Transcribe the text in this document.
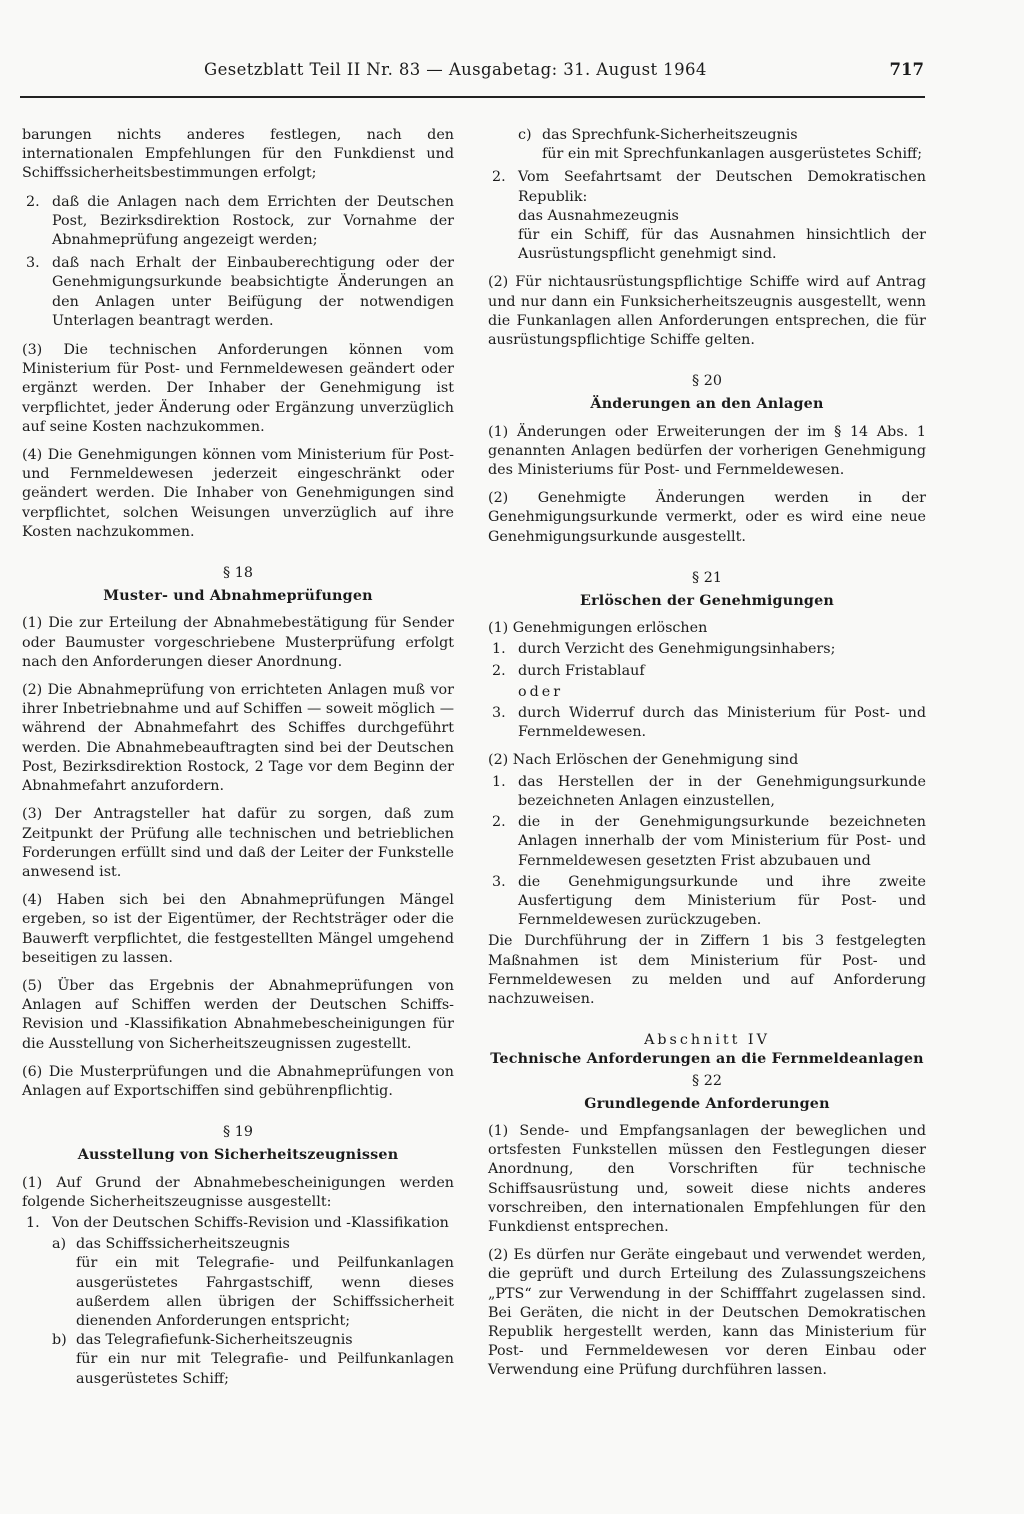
Gesetzblatt Teil II Nr. 83 — Ausgabetag: 31. August 1964	717

barungen nichts anderes festlegen, nach den internationalen Empfehlungen für den Funkdienst und Schiffssicherheitsbestimmungen erfolgt;

2. daß die Anlagen nach dem Errichten der Deutschen Post, Bezirksdirektion Rostock, zur Vornahme der Abnahmeprüfung angezeigt werden;
3. daß nach Erhalt der Einbauberechtigung oder der Genehmigungsurkunde beabsichtigte Änderungen an den Anlagen unter Beifügung der notwendigen Unterlagen beantragt werden.

(3) Die technischen Anforderungen können vom Ministerium für Post- und Fernmeldewesen geändert oder ergänzt werden. Der Inhaber der Genehmigung ist verpflichtet, jeder Änderung oder Ergänzung unverzüglich auf seine Kosten nachzukommen.

(4) Die Genehmigungen können vom Ministerium für Post- und Fernmeldewesen jederzeit eingeschränkt oder geändert werden. Die Inhaber von Genehmigungen sind verpflichtet, solchen Weisungen unverzüglich auf ihre Kosten nachzukommen.

§ 18
Muster- und Abnahmeprüfungen

(1) Die zur Erteilung der Abnahmebestätigung für Sender oder Baumuster vorgeschriebene Musterprüfung erfolgt nach den Anforderungen dieser Anordnung.

(2) Die Abnahmeprüfung von errichteten Anlagen muß vor ihrer Inbetriebnahme und auf Schiffen — soweit möglich — während der Abnahmefahrt des Schiffes durchgeführt werden. Die Abnahmebeauftragten sind bei der Deutschen Post, Bezirksdirektion Rostock, 2 Tage vor dem Beginn der Abnahmefahrt anzufordern.

(3) Der Antragsteller hat dafür zu sorgen, daß zum Zeitpunkt der Prüfung alle technischen und betrieblichen Forderungen erfüllt sind und daß der Leiter der Funkstelle anwesend ist.

(4) Haben sich bei den Abnahmeprüfungen Mängel ergeben, so ist der Eigentümer, der Rechtsträger oder die Bauwerft verpflichtet, die festgestellten Mängel umgehend beseitigen zu lassen.

(5) Über das Ergebnis der Abnahmeprüfungen von Anlagen auf Schiffen werden der Deutschen Schiffs-Revision und -Klassifikation Abnahmebescheinigungen für die Ausstellung von Sicherheitszeugnissen zugestellt.

(6) Die Musterprüfungen und die Abnahmeprüfungen von Anlagen auf Exportschiffen sind gebührenpflichtig.

§ 19
Ausstellung von Sicherheitszeugnissen

(1) Auf Grund der Abnahmebescheinigungen werden folgende Sicherheitszeugnisse ausgestellt:

1. Von der Deutschen Schiffs-Revision und -Klassifikation
a) das Schiffssicherheitszeugnis
für ein mit Telegrafie- und Peilfunkanlagen ausgerüstetes Fahrgastschiff, wenn dieses außerdem allen übrigen der Schiffssicherheit dienenden Anforderungen entspricht;
b) das Telegrafiefunk-Sicherheitszeugnis
für ein nur mit Telegrafie- und Peilfunkanlagen ausgerüstetes Schiff;
c) das Sprechfunk-Sicherheitszeugnis
für ein mit Sprechfunkanlagen ausgerüstetes Schiff;
2. Vom Seefahrtsamt der Deutschen Demokratischen Republik:
das Ausnahmezeugnis
für ein Schiff, für das Ausnahmen hinsichtlich der Ausrüstungspflicht genehmigt sind.

(2) Für nichtausrüstungspflichtige Schiffe wird auf Antrag und nur dann ein Funksicherheitszeugnis ausgestellt, wenn die Funkanlagen allen Anforderungen entsprechen, die für ausrüstungspflichtige Schiffe gelten.

§ 20
Änderungen an den Anlagen

(1) Änderungen oder Erweiterungen der im § 14 Abs. 1 genannten Anlagen bedürfen der vorherigen Genehmigung des Ministeriums für Post- und Fernmeldewesen.

(2) Genehmigte Änderungen werden in der Genehmigungsurkunde vermerkt, oder es wird eine neue Genehmigungsurkunde ausgestellt.

§ 21
Erlöschen der Genehmigungen

(1) Genehmigungen erlöschen

1. durch Verzicht des Genehmigungsinhabers;
2. durch Fristablauf
oder
3. durch Widerruf durch das Ministerium für Post- und Fernmeldewesen.

(2) Nach Erlöschen der Genehmigung sind

1. das Herstellen der in der Genehmigungsurkunde bezeichneten Anlagen einzustellen,
2. die in der Genehmigungsurkunde bezeichneten Anlagen innerhalb der vom Ministerium für Post- und Fernmeldewesen gesetzten Frist abzubauen und
3. die Genehmigungsurkunde und ihre zweite Ausfertigung dem Ministerium für Post- und Fernmeldewesen zurückzugeben.

Die Durchführung der in Ziffern 1 bis 3 festgelegten Maßnahmen ist dem Ministerium für Post- und Fernmeldewesen zu melden und auf Anforderung nachzuweisen.

Abschnitt IV
Technische Anforderungen an die Fernmeldeanlagen
§ 22
Grundlegende Anforderungen

(1) Sende- und Empfangsanlagen der beweglichen und ortsfesten Funkstellen müssen den Festlegungen dieser Anordnung, den Vorschriften für technische Schiffsausrüstung und, soweit diese nichts anderes vorschreiben, den internationalen Empfehlungen für den Funkdienst entsprechen.

(2) Es dürfen nur Geräte eingebaut und verwendet werden, die geprüft und durch Erteilung des Zulassungszeichens „PTS“ zur Verwendung in der Schifffahrt zugelassen sind. Bei Geräten, die nicht in der Deutschen Demokratischen Republik hergestellt werden, kann das Ministerium für Post- und Fernmeldewesen vor deren Einbau oder Verwendung eine Prüfung durchführen lassen.
